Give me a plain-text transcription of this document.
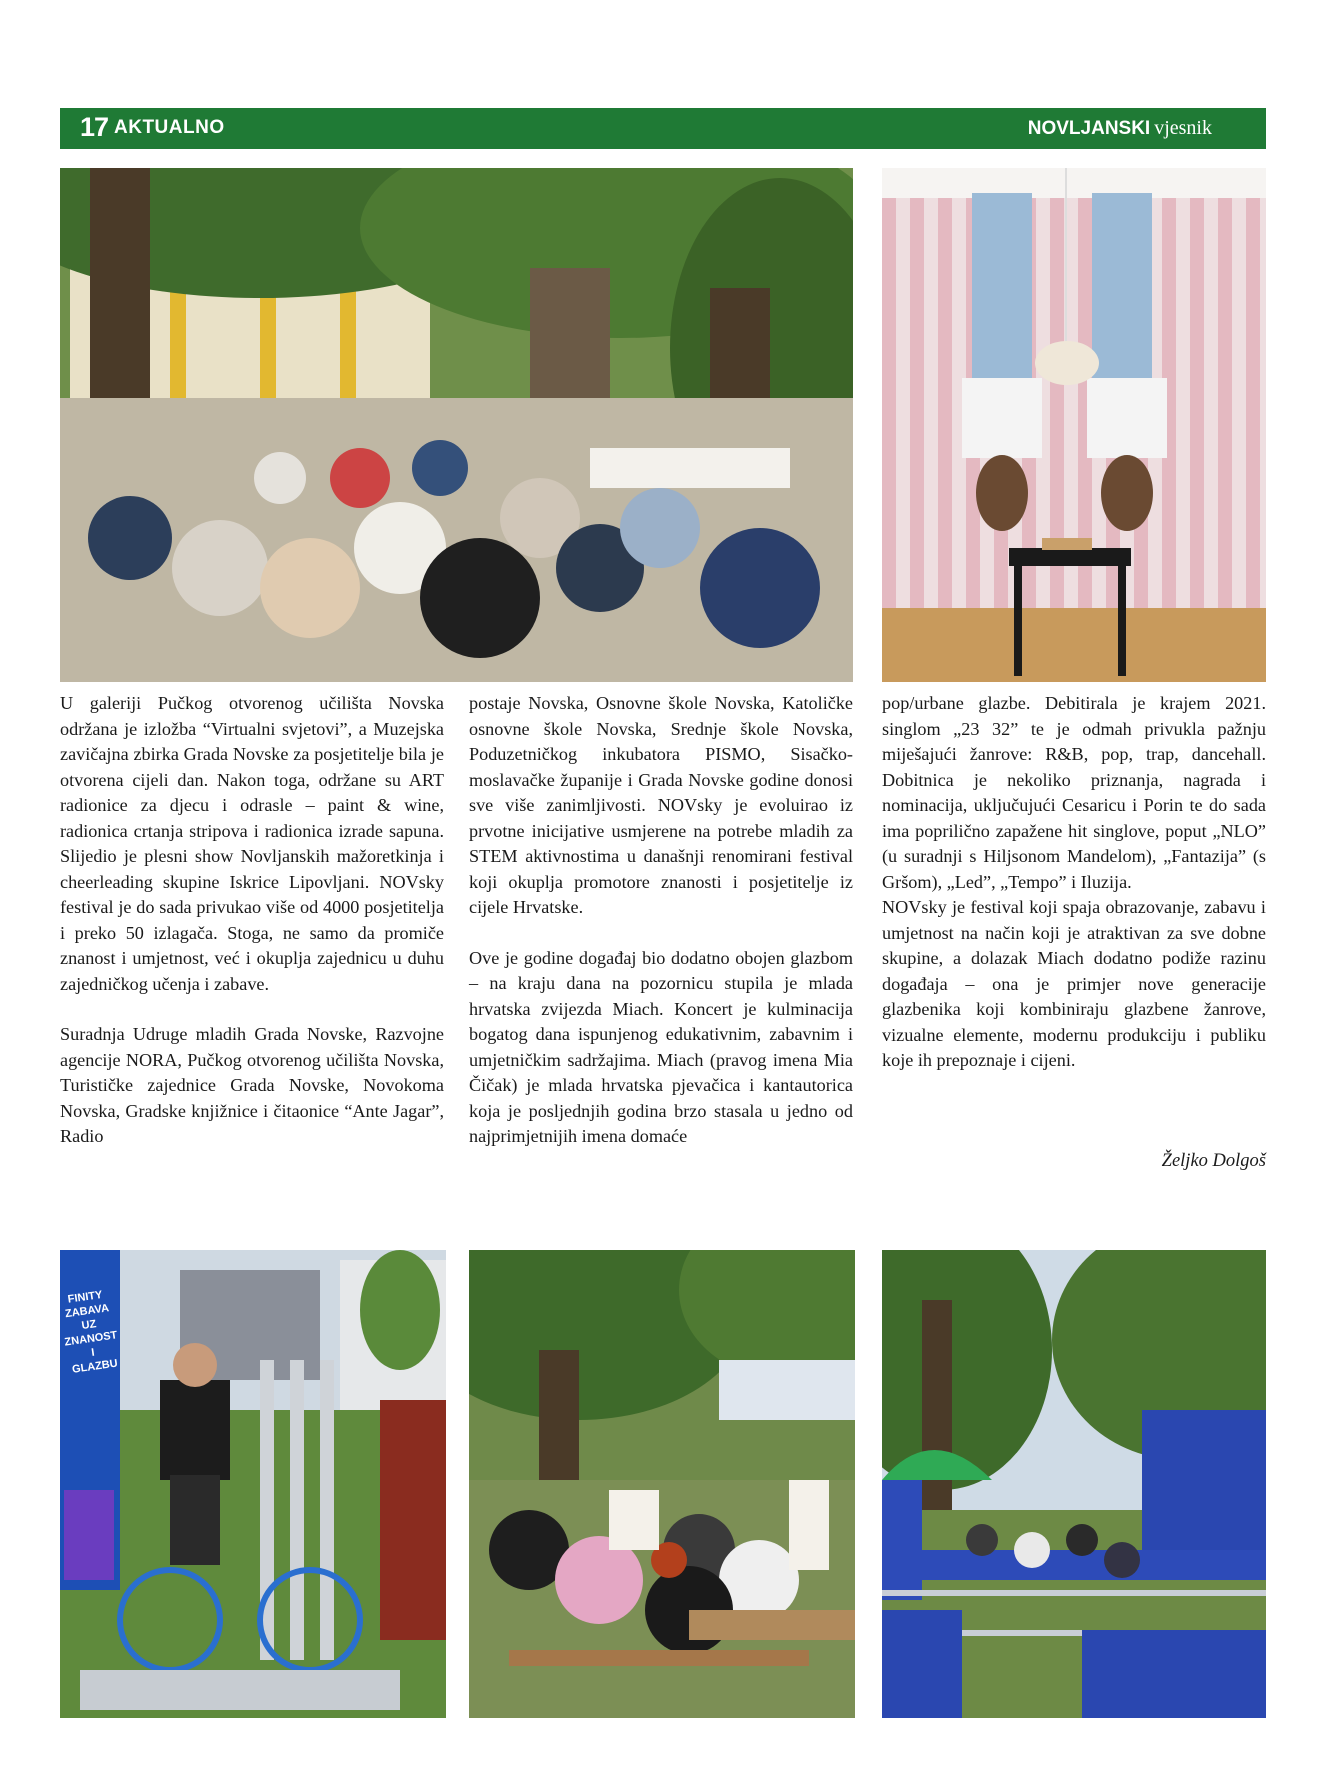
17 AKTUALNO	NOVLJANSKI vjesnik

U galeriji Pučkog otvorenog učilišta Novska održana je izložba “Virtualni svjetovi”, a Muzejska zavičajna zbirka Grada Novske za posjetitelje bila je otvorena cijeli dan. Nakon toga, održane su ART radionice za djecu i odrasle – paint & wine, radionica crtanja stripova i radionica izrade sapuna. Slijedio je plesni show Novljanskih mažoretkinja i cheerleading skupine Iskrice Lipovljani. NOVsky festival je do sada privukao više od 4000 posjetitelja i preko 50 izlagača. Stoga, ne samo da promiče znanost i umjetnost, već i okuplja zajednicu u duhu zajedničkog učenja i zabave.

Suradnja Udruge mladih Grada Novske, Razvojne agencije NORA, Pučkog otvorenog učilišta Novska, Turističke zajednice Grada Novske, Novokoma Novska, Gradske knjižnice i čitaonice “Ante Jagar”, Radio

postaje Novska, Osnovne škole Novska, Katoličke osnovne škole Novska, Srednje škole Novska, Poduzetničkog inkubatora PISMO, Sisačko-moslavačke županije i Grada Novske godine donosi sve više zanimljivosti. NOVsky je evoluirao iz prvotne inicijative usmjerene na potrebe mladih za STEM aktivnostima u današnji renomirani festival koji okuplja promotore znanosti i posjetitelje iz cijele Hrvatske.

Ove je godine događaj bio dodatno obojen glazbom – na kraju dana na pozornicu stupila je mlada hrvatska zvijezda Miach. Koncert je kulminacija bogatog dana ispunjenog edukativnim, zabavnim i umjetničkim sadržajima. Miach (pravog imena Mia Čičak) je mlada hrvatska pjevačica i kantautorica koja je posljednjih godina brzo stasala u jedno od najprimjetnijih imena domaće

pop/urbane glazbe. Debitirala je krajem 2021. singlom „23 32” te je odmah privukla pažnju miješajući žanrove: R&B, pop, trap, dancehall. Dobitnica je nekoliko priznanja, nagrada i nominacija, uključujući Cesaricu i Porin te do sada ima poprilično zapažene hit singlove, poput „NLO” (u suradnji s Hiljsonom Mandelom), „Fantazija” (s Gršom), „Led”, „Tempo” i Iluzija.

NOVsky je festival koji spaja obrazovanje, zabavu i umjetnost na način koji je atraktivan za sve dobne skupine, a dolazak Miach dodatno podiže razinu događaja – ona je primjer nove generacije glazbenika koji kombiniraju glazbene žanrove, vizualne elemente, modernu produkciju i publiku koje ih prepoznaje i cijeni.

Željko Dolgoš
FINITY
ZABAVA UZ
ZNANOST I
GLAZBU
